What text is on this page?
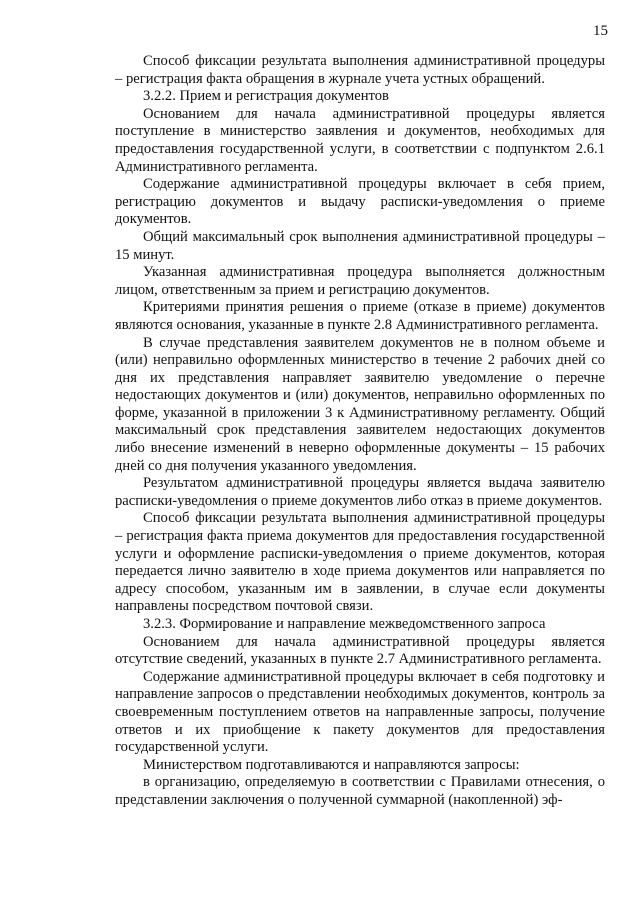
15

Способ фиксации результата выполнения административной процедуры – регистрация факта обращения в журнале учета устных обращений.

3.2.2. Прием и регистрация документов

Основанием для начала административной процедуры является поступление в министерство заявления и документов, необходимых для предоставления государственной услуги, в соответствии с подпунктом 2.6.1 Административного регламента.

Содержание административной процедуры включает в себя прием, регистрацию документов и выдачу расписки-уведомления о приеме документов.

Общий максимальный срок выполнения административной процедуры – 15 минут.

Указанная административная процедура выполняется должностным лицом, ответственным за прием и регистрацию документов.

Критериями принятия решения о приеме (отказе в приеме) документов являются основания, указанные в пункте 2.8 Административного регламента.

В случае представления заявителем документов не в полном объеме и (или) неправильно оформленных министерство в течение 2 рабочих дней со дня их представления направляет заявителю уведомление о перечне недостающих документов и (или) документов, неправильно оформленных по форме, указанной в приложении 3 к Административному регламенту. Общий максимальный срок представления заявителем недостающих документов либо внесение изменений в неверно оформленные документы – 15 рабочих дней со дня получения указанного уведомления.

Результатом административной процедуры является выдача заявителю расписки-уведомления о приеме документов либо отказ в приеме документов.

Способ фиксации результата выполнения административной процедуры – регистрация факта приема документов для предоставления государственной услуги и оформление расписки-уведомления о приеме документов, которая передается лично заявителю в ходе приема документов или направляется по адресу способом, указанным им в заявлении, в случае если документы направлены посредством почтовой связи.

3.2.3. Формирование и направление межведомственного запроса

Основанием для начала административной процедуры является отсутствие сведений, указанных в пункте 2.7 Административного регламента.

Содержание административной процедуры включает в себя подготовку и направление запросов о представлении необходимых документов, контроль за своевременным поступлением ответов на направленные запросы, получение ответов и их приобщение к пакету документов для предоставления государственной услуги.

Министерством подготавливаются и направляются запросы:

в организацию, определяемую в соответствии с Правилами отнесения, о представлении заключения о полученной суммарной (накопленной) эф-
